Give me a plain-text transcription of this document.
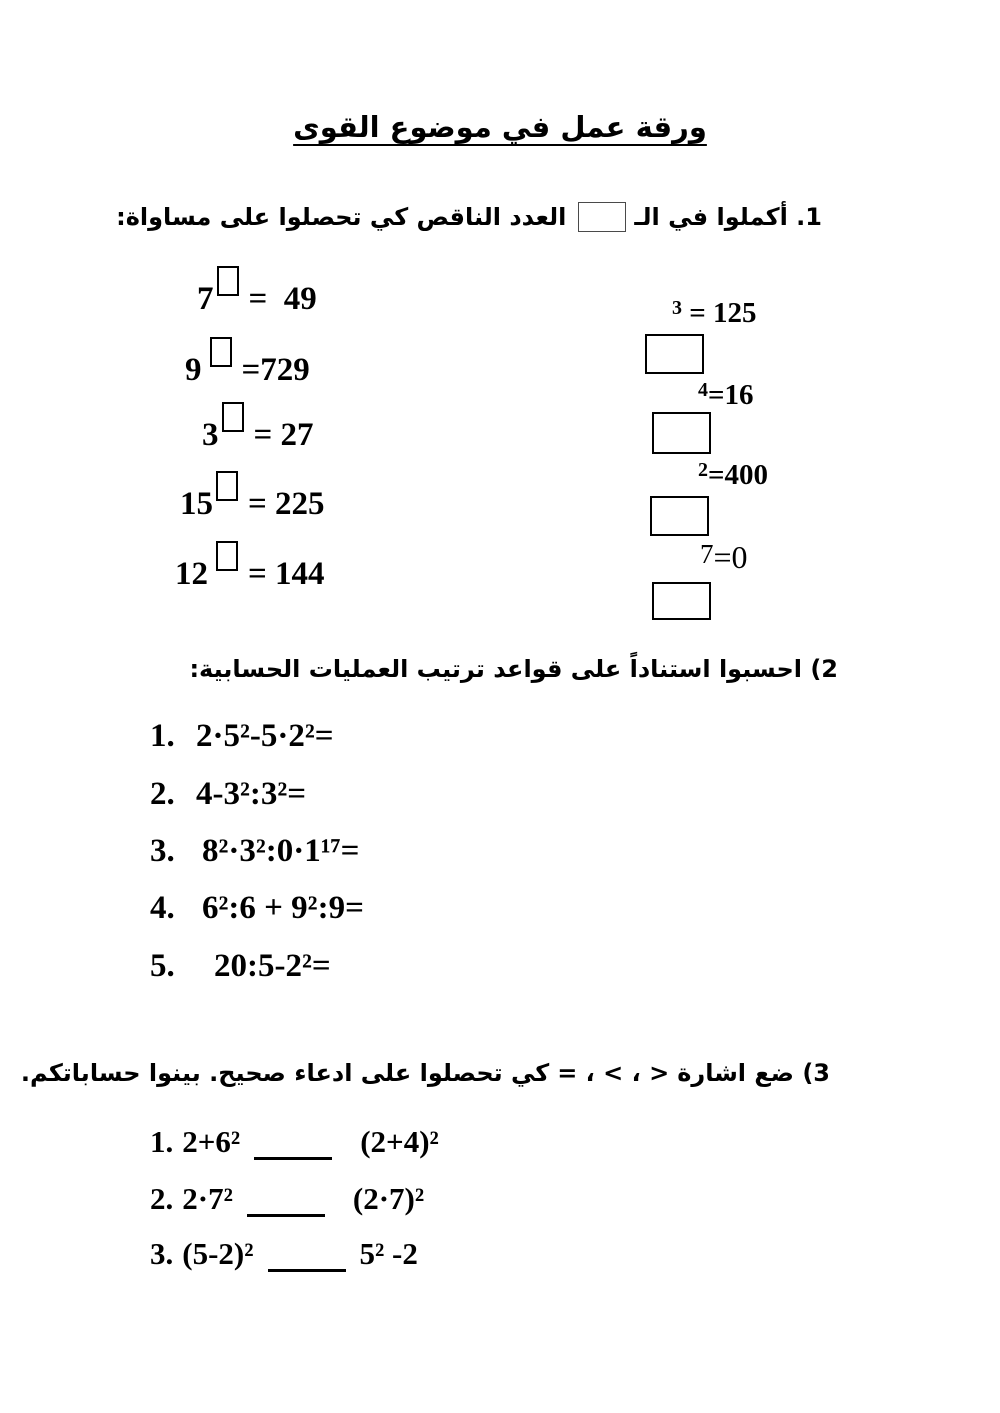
ورقة عمل في موضوع القوى
1. أكملوا في الـ
العدد الناقص كي تحصلوا على مساواة:
7 =  49
9 =729
3 = 27
15 = 225
12 = 144
3 = 125
4 =16
2 =400
7 =0
2) احسبوا استناداً على قواعد ترتيب العمليات الحسابية:
1. 2·5²-5·2²=
2. 4-3²:3²=
3. 8²·3²:0·1¹⁷=
4. 6²:6 + 9²:9=
5.	20:5-2²=
3) ضع اشارة
= ، < ، >
كي تحصلوا على ادعاء صحيح. بينوا حساباتكم.
1. 2+6²	(2+4)²
2. 2·7²	(2·7)²
3. (5-2)²	5² -2
